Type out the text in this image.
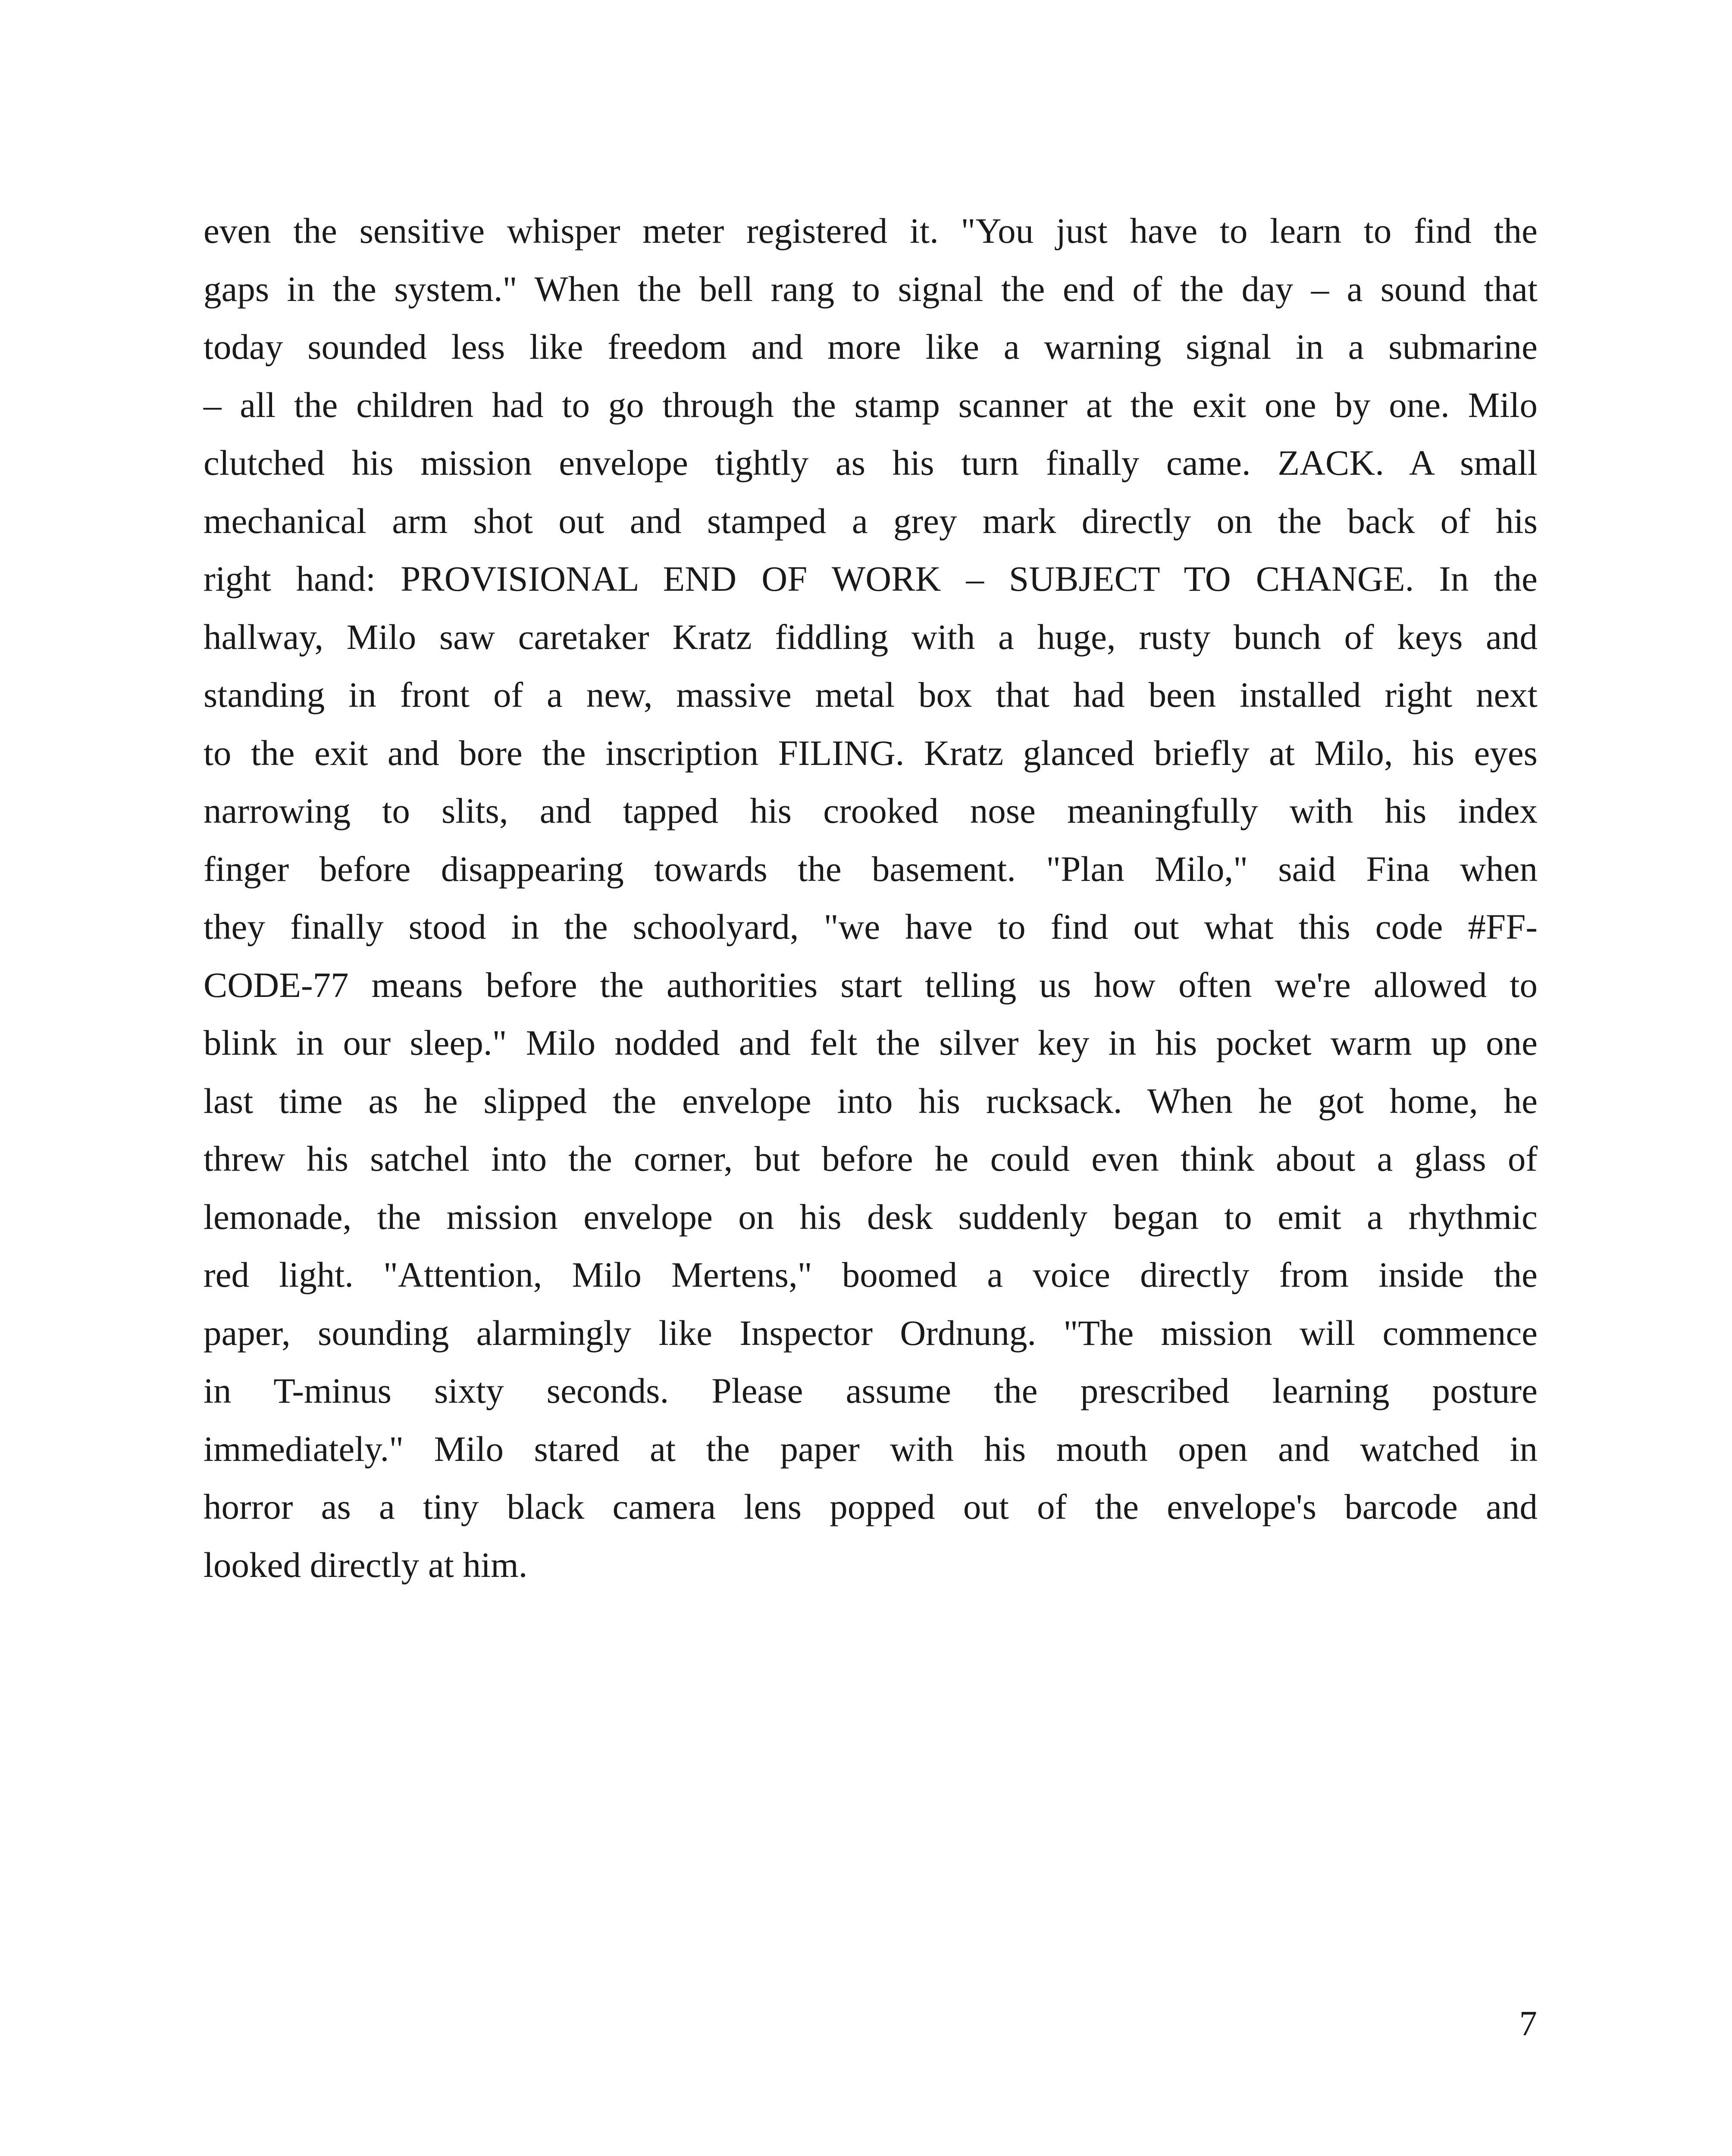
even the sensitive whisper meter registered it. "You just have to learn to find the
gaps in the system." When the bell rang to signal the end of the day – a sound that
today sounded less like freedom and more like a warning signal in a submarine
– all the children had to go through the stamp scanner at the exit one by one. Milo
clutched his mission envelope tightly as his turn finally came. ZACK. A small
mechanical arm shot out and stamped a grey mark directly on the back of his
right hand: PROVISIONAL END OF WORK – SUBJECT TO CHANGE. In the
hallway, Milo saw caretaker Kratz fiddling with a huge, rusty bunch of keys and
standing in front of a new, massive metal box that had been installed right next
to the exit and bore the inscription FILING. Kratz glanced briefly at Milo, his eyes
narrowing to slits, and tapped his crooked nose meaningfully with his index
finger before disappearing towards the basement. "Plan Milo," said Fina when
they finally stood in the schoolyard, "we have to find out what this code #FF-
CODE-77 means before the authorities start telling us how often we're allowed to
blink in our sleep." Milo nodded and felt the silver key in his pocket warm up one
last time as he slipped the envelope into his rucksack. When he got home, he
threw his satchel into the corner, but before he could even think about a glass of
lemonade, the mission envelope on his desk suddenly began to emit a rhythmic
red light. "Attention, Milo Mertens," boomed a voice directly from inside the
paper, sounding alarmingly like Inspector Ordnung. "The mission will commence
in T-minus sixty seconds. Please assume the prescribed learning posture
immediately." Milo stared at the paper with his mouth open and watched in
horror as a tiny black camera lens popped out of the envelope's barcode and
looked directly at him.
7
